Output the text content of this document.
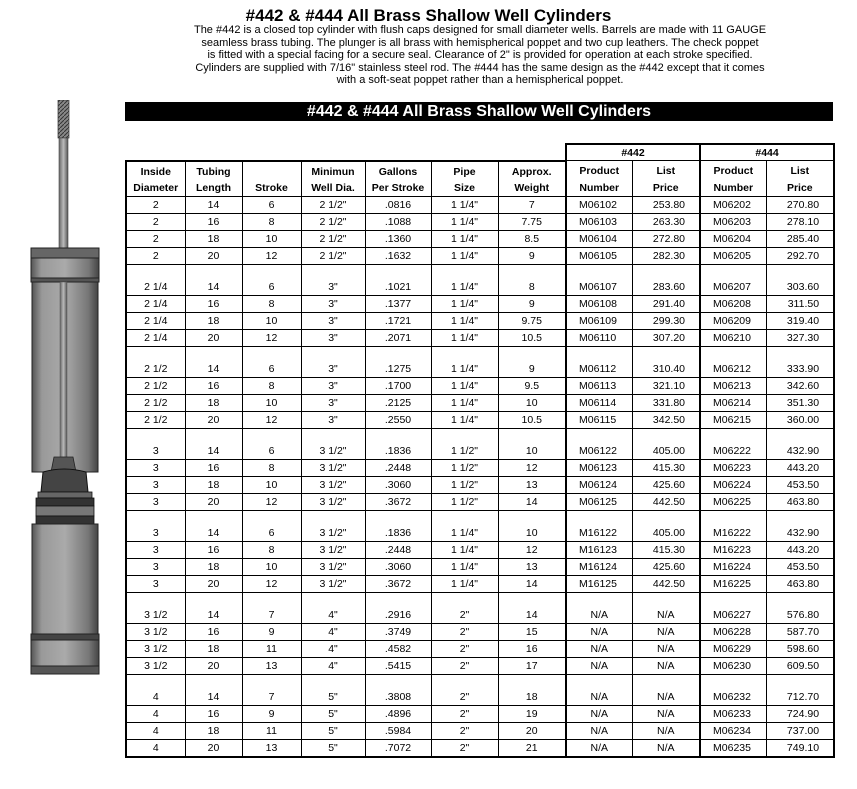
#442 & #444 All Brass Shallow Well Cylinders
The #442 is a closed top cylinder with flush caps designed for small diameter wells. Barrels are made with 11 GAUGE
seamless brass tubing. The plunger is all brass with hemispherical poppet and two cup leathers. The check poppet
is fitted with a special facing for a secure seal. Clearance of 2" is provided for operation at each stroke specified.
Cylinders are supplied with 7/16" stainless steel rod. The #444 has the same design as the #442 except that it comes
with a soft-seat poppet rather than a hemispherical poppet.
#442 & #444 All Brass Shallow Well Cylinders
							#442		#444	
Inside	Tubing		Minimun	Gallons	Pipe	Approx.	Product	List	Product	List
Diameter	Length	Stroke	Well Dia.	Per Stroke	Size	Weight	Number	Price	Number	Price
2	14	6	2 1/2"	.0816	1 1/4"	7	M06102	253.80	M06202	270.80
2	16	8	2 1/2"	.1088	1 1/4"	7.75	M06103	263.30	M06203	278.10
2	18	10	2 1/2"	.1360	1 1/4"	8.5	M06104	272.80	M06204	285.40
2	20	12	2 1/2"	.1632	1 1/4"	9	M06105	282.30	M06205	292.70

2 1/4	14	6	3"	.1021	1 1/4"	8	M06107	283.60	M06207	303.60
2 1/4	16	8	3"	.1377	1 1/4"	9	M06108	291.40	M06208	311.50
2 1/4	18	10	3"	.1721	1 1/4"	9.75	M06109	299.30	M06209	319.40
2 1/4	20	12	3"	.2071	1 1/4"	10.5	M06110	307.20	M06210	327.30

2 1/2	14	6	3"	.1275	1 1/4"	9	M06112	310.40	M06212	333.90
2 1/2	16	8	3"	.1700	1 1/4"	9.5	M06113	321.10	M06213	342.60
2 1/2	18	10	3"	.2125	1 1/4"	10	M06114	331.80	M06214	351.30
2 1/2	20	12	3"	.2550	1 1/4"	10.5	M06115	342.50	M06215	360.00

3	14	6	3 1/2"	.1836	1 1/2"	10	M06122	405.00	M06222	432.90
3	16	8	3 1/2"	.2448	1 1/2"	12	M06123	415.30	M06223	443.20
3	18	10	3 1/2"	.3060	1 1/2"	13	M06124	425.60	M06224	453.50
3	20	12	3 1/2"	.3672	1 1/2"	14	M06125	442.50	M06225	463.80

3	14	6	3 1/2"	.1836	1 1/4"	10	M16122	405.00	M16222	432.90
3	16	8	3 1/2"	.2448	1 1/4"	12	M16123	415.30	M16223	443.20
3	18	10	3 1/2"	.3060	1 1/4"	13	M16124	425.60	M16224	453.50
3	20	12	3 1/2"	.3672	1 1/4"	14	M16125	442.50	M16225	463.80

3 1/2	14	7	4"	.2916	2"	14	N/A	N/A	M06227	576.80
3 1/2	16	9	4"	.3749	2"	15	N/A	N/A	M06228	587.70
3 1/2	18	11	4"	.4582	2"	16	N/A	N/A	M06229	598.60
3 1/2	20	13	4"	.5415	2"	17	N/A	N/A	M06230	609.50

4	14	7	5"	.3808	2"	18	N/A	N/A	M06232	712.70
4	16	9	5"	.4896	2"	19	N/A	N/A	M06233	724.90
4	18	11	5"	.5984	2"	20	N/A	N/A	M06234	737.00
4	20	13	5"	.7072	2"	21	N/A	N/A	M06235	749.10
